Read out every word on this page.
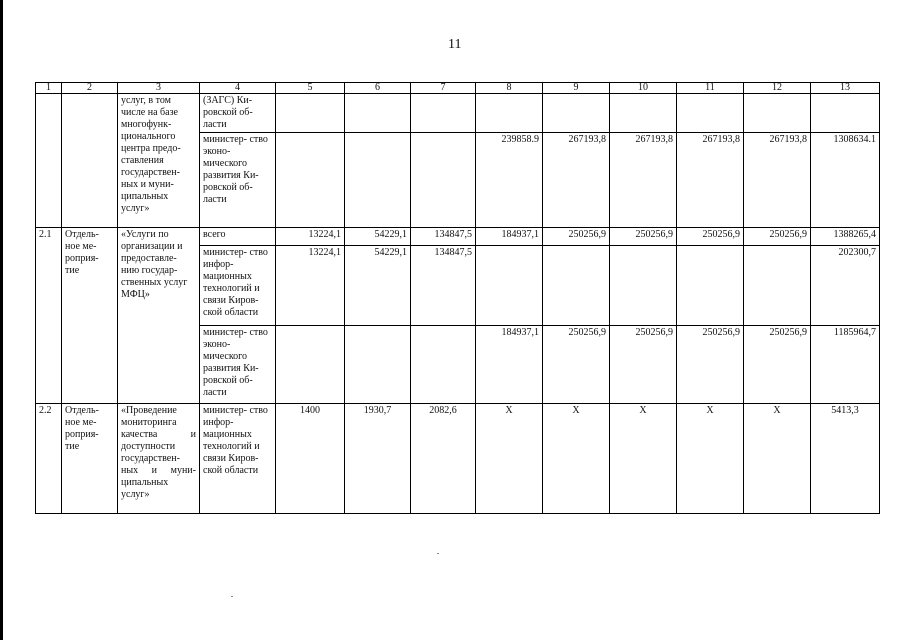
11
1	2	3	4	5	6	7	8	9	10	11	12	13
		услуг, в том числе на базе многофунк- ционального центра предо- ставления государствен- ных и муни- ципальных услуг»	(ЗАГС) Ки- ровской об- ласти									
			министер- ство эконо- мического развития Ки- ровской об- ласти				239858.9	267193,8	267193,8	267193,8	267193,8	1308634.1
2.1	Отдель- ное ме- роприя- тие	«Услуги по организации и предоставле- нию государ- ственных услуг МФЦ»	всего	13224,1	54229,1	134847,5	184937,1	250256,9	250256,9	250256,9	250256,9	1388265,4
			министер- ство инфор- мационных технологий и связи Киров- ской области	13224,1	54229,1	134847,5						202300,7
			министер- ство эконо- мического развития Ки- ровской об- ласти				184937,1	250256,9	250256,9	250256,9	250256,9	1185964,7
2.2	Отдель- ное ме- роприя- тие	«Проведение мониторинга качества и доступности государствен- ных и муни- ципальных услуг»	министер- ство инфор- мационных технологий и связи Киров- ской области	1400	1930,7	2082,6	Х	Х	Х	Х	Х	5413,3
